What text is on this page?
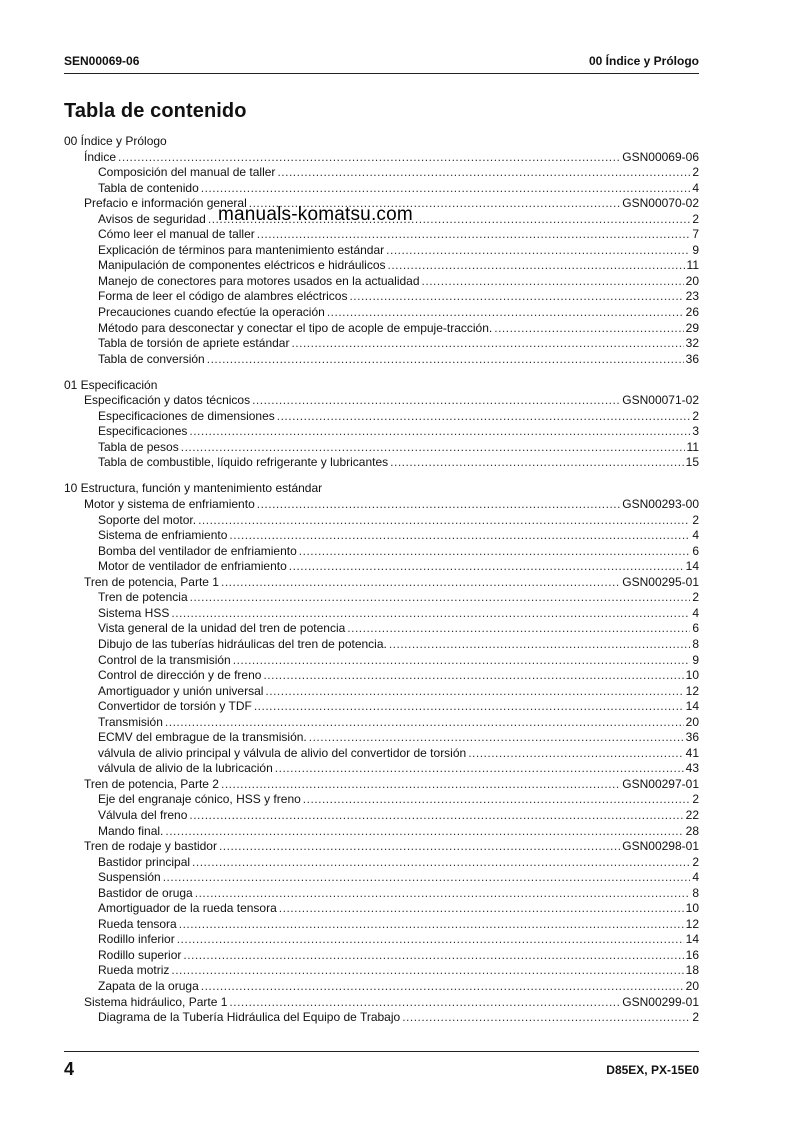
SEN00069-06	00 Índice y Prólogo
Tabla de contenido
00 Índice y Prólogo
Índice .....	GSN00069-06
Composición del manual de taller .....	2
Tabla de contenido .....	4
Prefacio e información general .....	GSN00070-02
Avisos de seguridad .....	2
Cómo leer el manual de taller .....	7
Explicación de términos para mantenimiento estándar .....	9
Manipulación de componentes eléctricos e hidráulicos .....	11
Manejo de conectores para motores usados en la actualidad .....	20
Forma de leer el código de alambres eléctricos .....	23
Precauciones cuando efectúe la operación .....	26
Método para desconectar y conectar el tipo de acople de empuje-tracción. .....	29
Tabla de torsión de apriete estándar .....	32
Tabla de conversión .....	36
01 Especificación
Especificación y datos técnicos .....	GSN00071-02
Especificaciones de dimensiones .....	2
Especificaciones .....	3
Tabla de pesos .....	11
Tabla de combustible, líquido refrigerante y lubricantes .....	15
10 Estructura, función y mantenimiento estándar
Motor y sistema de enfriamiento .....	GSN00293-00
Soporte del motor. .....	2
Sistema de enfriamiento .....	4
Bomba del ventilador de enfriamiento .....	6
Motor de ventilador de enfriamiento .....	14
Tren de potencia, Parte 1 .....	GSN00295-01
Tren de potencia .....	2
Sistema HSS .....	4
Vista general de la unidad del tren de potencia .....	6
Dibujo de las tuberías hidráulicas del tren de potencia. .....	8
Control de la transmisión .....	9
Control de dirección y de freno .....	10
Amortiguador y unión universal .....	12
Convertidor de torsión y TDF .....	14
Transmisión .....	20
ECMV del embrague de la transmisión. .....	36
válvula de alivio principal y válvula de alivio del convertidor de torsión .....	41
válvula de alivio de la lubricación .....	43
Tren de potencia, Parte 2 .....	GSN00297-01
Eje del engranaje cónico, HSS y freno .....	2
Válvula del freno .....	22
Mando final. .....	28
Tren de rodaje y bastidor .....	GSN00298-01
Bastidor principal .....	2
Suspensión .....	4
Bastidor de oruga .....	8
Amortiguador de la rueda tensora .....	10
Rueda tensora .....	12
Rodillo inferior .....	14
Rodillo superior .....	16
Rueda motriz .....	18
Zapata de la oruga .....	20
Sistema hidráulico, Parte 1 .....	GSN00299-01
Diagrama de la Tubería Hidráulica del Equipo de Trabajo .....	2
manuals-komatsu.com
4	D85EX, PX-15E0
